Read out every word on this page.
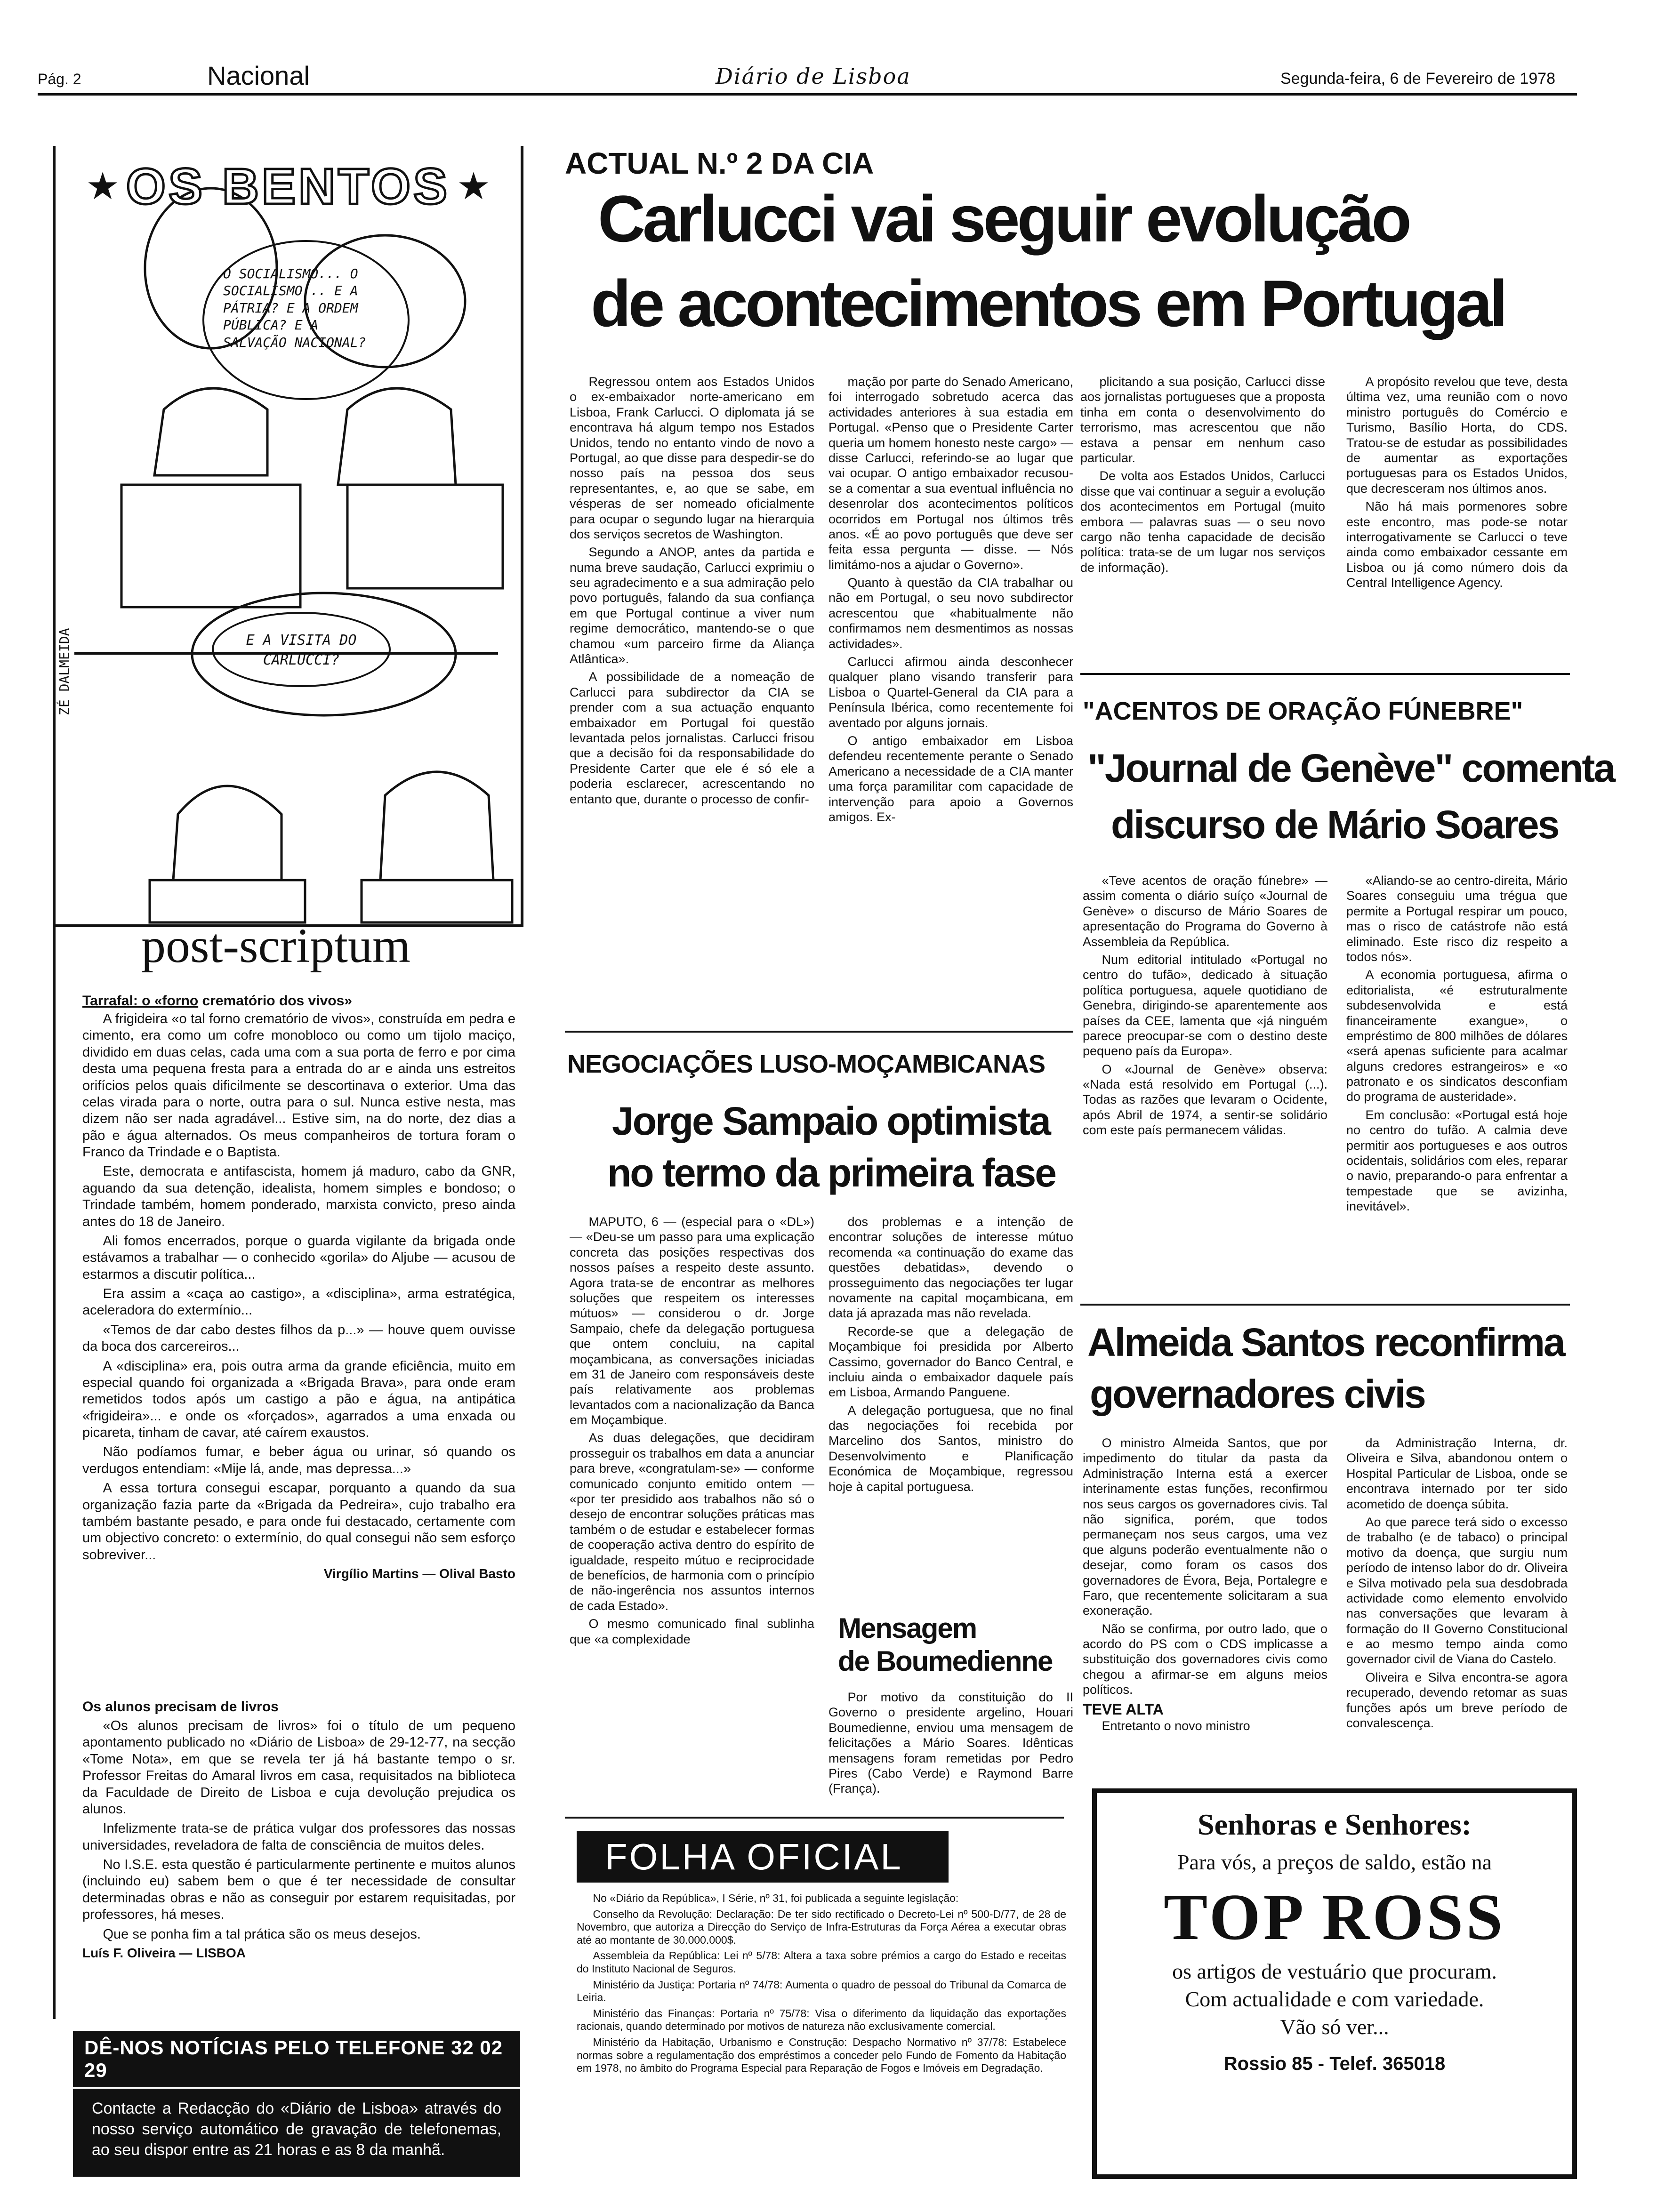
Pág. 2	Nacional	Diário de Lisboa	Segunda-feira, 6 de Fevereiro de 1978
★ OS BENTOS ★
O SOCIALISMO... O SOCIALISMO... E A PÁTRIA? E A ORDEM PÚBLICA? E A SALVAÇÃO NACIONAL?
E A VISITA DO CARLUCCI?
ZÉ DALMEIDA
post-scriptum
Tarrafal: o «forno crematório dos vivos»

A frigideira «o tal forno crematório de vivos», construída em pedra e cimento, era como um cofre monobloco ou como um tijolo maciço, dividido em duas celas, cada uma com a sua porta de ferro e por cima desta uma pequena fresta para a entrada do ar e ainda uns estreitos orifícios pelos quais dificilmente se descortinava o exterior. Uma das celas virada para o norte, outra para o sul. Nunca estive nesta, mas dizem não ser nada agradável... Estive sim, na do norte, dez dias a pão e água alternados. Os meus companheiros de tortura foram o Franco da Trindade e o Baptista.

Este, democrata e antifascista, homem já maduro, cabo da GNR, aguando da sua detenção, idealista, homem simples e bondoso; o Trindade também, homem ponderado, marxista convicto, preso ainda antes do 18 de Janeiro.

Ali fomos encerrados, porque o guarda vigilante da brigada onde estávamos a trabalhar — o conhecido «gorila» do Aljube — acusou de estarmos a discutir política...

Era assim a «caça ao castigo», a «disciplina», arma estratégica, aceleradora do extermínio...

«Temos de dar cabo destes filhos da p...» — houve quem ouvisse da boca dos carcereiros...

A «disciplina» era, pois outra arma da grande eficiência, muito em especial quando foi organizada a «Brigada Brava», para onde eram remetidos todos após um castigo a pão e água, na antipática «frigideira»... e onde os «forçados», agarrados a uma enxada ou picareta, tinham de cavar, até caírem exaustos.

Não podíamos fumar, e beber água ou urinar, só quando os verdugos entendiam: «Mije lá, ande, mas depressa...»

A essa tortura consegui escapar, porquanto a quando da sua organização fazia parte da «Brigada da Pedreira», cujo trabalho era também bastante pesado, e para onde fui destacado, certamente com um objectivo concreto: o extermínio, do qual consegui não sem esforço sobreviver...

Virgílio Martins — Olival Basto
Os alunos precisam de livros

«Os alunos precisam de livros» foi o título de um pequeno apontamento publicado no «Diário de Lisboa» de 29-12-77, na secção «Tome Nota», em que se revela ter já há bastante tempo o sr. Professor Freitas do Amaral livros em casa, requisitados na biblioteca da Faculdade de Direito de Lisboa e cuja devolução prejudica os alunos.

Infelizmente trata-se de prática vulgar dos professores das nossas universidades, reveladora de falta de consciência de muitos deles.

No I.S.E. esta questão é particularmente pertinente e muitos alunos (incluindo eu) sabem bem o que é ter necessidade de consultar determinadas obras e não as conseguir por estarem requisitadas, por professores, há meses.

Que se ponha fim a tal prática são os meus desejos.

Luís F. Oliveira — LISBOA
DÊ-NOS NOTÍCIAS PELO TELEFONE 32 02 29
Contacte a Redacção do «Diário de Lisboa» através do nosso serviço automático de gravação de telefonemas, ao seu dispor entre as 21 horas e as 8 da manhã.
ACTUAL N.º 2 DA CIA
Carlucci vai seguir evolução
de acontecimentos em Portugal

Regressou ontem aos Estados Unidos o ex-embaixador norte-americano em Lisboa, Frank Carlucci. O diplomata já se encontrava há algum tempo nos Estados Unidos, tendo no entanto vindo de novo a Portugal, ao que disse para despedir-se do nosso país na pessoa dos seus representantes, e, ao que se sabe, em vésperas de ser nomeado oficialmente para ocupar o segundo lugar na hierarquia dos serviços secretos de Washington.

Segundo a ANOP, antes da partida e numa breve saudação, Carlucci exprimiu o seu agradecimento e a sua admiração pelo povo português, falando da sua confiança em que Portugal continue a viver num regime democrático, mantendo-se o que chamou «um parceiro firme da Aliança Atlântica».

A possibilidade de a nomeação de Carlucci para subdirector da CIA se prender com a sua actuação enquanto embaixador em Portugal foi questão levantada pelos jornalistas. Carlucci frisou que a decisão foi da responsabilidade do Presidente Carter que ele é só ele a poderia esclarecer, acrescentando no entanto que, durante o processo de confir-

mação por parte do Senado Americano, foi interrogado sobretudo acerca das actividades anteriores à sua estadia em Portugal. «Penso que o Presidente Carter queria um homem honesto neste cargo» — disse Carlucci, referindo-se ao lugar que vai ocupar. O antigo embaixador recusou-se a comentar a sua eventual influência no desenrolar dos acontecimentos políticos ocorridos em Portugal nos últimos três anos. «É ao povo português que deve ser feita essa pergunta — disse. — Nós limitámo-nos a ajudar o Governo».

Quanto à questão da CIA trabalhar ou não em Portugal, o seu novo subdirector acrescentou que «habitualmente não confirmamos nem desmentimos as nossas actividades».

Carlucci afirmou ainda desconhecer qualquer plano visando transferir para Lisboa o Quartel-General da CIA para a Península Ibérica, como recentemente foi aventado por alguns jornais.

O antigo embaixador em Lisboa defendeu recentemente perante o Senado Americano a necessidade de a CIA manter uma força paramilitar com capacidade de intervenção para apoio a Governos amigos. Ex-

plicitando a sua posição, Carlucci disse aos jornalistas portugueses que a proposta tinha em conta o desenvolvimento do terrorismo, mas acrescentou que não estava a pensar em nenhum caso particular.

De volta aos Estados Unidos, Carlucci disse que vai continuar a seguir a evolução dos acontecimentos em Portugal (muito embora — palavras suas — o seu novo cargo não tenha capacidade de decisão política: trata-se de um lugar nos serviços de informação).

A propósito revelou que teve, desta última vez, uma reunião com o novo ministro português do Comércio e Turismo, Basílio Horta, do CDS. Tratou-se de estudar as possibilidades de aumentar as exportações portuguesas para os Estados Unidos, que decresceram nos últimos anos.

Não há mais pormenores sobre este encontro, mas pode-se notar interrogativamente se Carlucci o teve ainda como embaixador cessante em Lisboa ou já como número dois da Central Intelligence Agency.

"ACENTOS DE ORAÇÃO FÚNEBRE"
"Journal de Genève" comenta
discurso de Mário Soares

«Teve acentos de oração fúnebre» — assim comenta o diário suíço «Journal de Genève» o discurso de Mário Soares de apresentação do Programa do Governo à Assembleia da República.

Num editorial intitulado «Portugal no centro do tufão», dedicado à situação política portuguesa, aquele quotidiano de Genebra, dirigindo-se aparentemente aos países da CEE, lamenta que «já ninguém parece preocupar-se com o destino deste pequeno país da Europa».

O «Journal de Genève» observa: «Nada está resolvido em Portugal (...). Todas as razões que levaram o Ocidente, após Abril de 1974, a sentir-se solidário com este país permanecem válidas.

«Aliando-se ao centro-direita, Mário Soares conseguiu uma trégua que permite a Portugal respirar um pouco, mas o risco de catástrofe não está eliminado. Este risco diz respeito a todos nós».

A economia portuguesa, afirma o editorialista, «é estruturalmente subdesenvolvida e está financeiramente exangue», o empréstimo de 800 milhões de dólares «será apenas suficiente para acalmar alguns credores estrangeiros» e «o patronato e os sindicatos desconfiam do programa de austeridade».

Em conclusão: «Portugal está hoje no centro do tufão. A calmia deve permitir aos portugueses e aos outros ocidentais, solidários com eles, reparar o navio, preparando-o para enfrentar a tempestade que se avizinha, inevitável».

NEGOCIAÇÕES LUSO-MOÇAMBICANAS
Jorge Sampaio optimista
no termo da primeira fase

MAPUTO, 6 — (especial para o «DL») — «Deu-se um passo para uma explicação concreta das posições respectivas dos nossos países a respeito deste assunto. Agora trata-se de encontrar as melhores soluções que respeitem os interesses mútuos» — considerou o dr. Jorge Sampaio, chefe da delegação portuguesa que ontem concluiu, na capital moçambicana, as conversações iniciadas em 31 de Janeiro com responsáveis deste país relativamente aos problemas levantados com a nacionalização da Banca em Moçambique.

As duas delegações, que decidiram prosseguir os trabalhos em data a anunciar para breve, «congratulam-se» — conforme comunicado conjunto emitido ontem — «por ter presidido aos trabalhos não só o desejo de encontrar soluções práticas mas também o de estudar e estabelecer formas de cooperação activa dentro do espírito de igualdade, respeito mútuo e reciprocidade de benefícios, de harmonia com o princípio de não-ingerência nos assuntos internos de cada Estado».

O mesmo comunicado final sublinha que «a complexidade

dos problemas e a intenção de encontrar soluções de interesse mútuo recomenda «a continuação do exame das questões debatidas», devendo o prosseguimento das negociações ter lugar novamente na capital moçambicana, em data já aprazada mas não revelada.

Recorde-se que a delegação de Moçambique foi presidida por Alberto Cassimo, governador do Banco Central, e incluiu ainda o embaixador daquele país em Lisboa, Armando Panguene.

A delegação portuguesa, que no final das negociações foi recebida por Marcelino dos Santos, ministro do Desenvolvimento e Planificação Económica de Moçambique, regressou hoje à capital portuguesa.

Mensagem
de Boumedienne

Por motivo da constituição do II Governo o presidente argelino, Houari Boumedienne, enviou uma mensagem de felicitações a Mário Soares. Idênticas mensagens foram remetidas por Pedro Pires (Cabo Verde) e Raymond Barre (França).

Almeida Santos reconfirma
governadores civis

O ministro Almeida Santos, que por impedimento do titular da pasta da Administração Interna está a exercer interinamente estas funções, reconfirmou nos seus cargos os governadores civis. Tal não significa, porém, que todos permaneçam nos seus cargos, uma vez que alguns poderão eventualmente não o desejar, como foram os casos dos governadores de Évora, Beja, Portalegre e Faro, que recentemente solicitaram a sua exoneração.

Não se confirma, por outro lado, que o acordo do PS com o CDS implicasse a substituição dos governadores civis como chegou a afirmar-se em alguns meios políticos.

TEVE ALTA

Entretanto o novo ministro

da Administração Interna, dr. Oliveira e Silva, abandonou ontem o Hospital Particular de Lisboa, onde se encontrava internado por ter sido acometido de doença súbita.

Ao que parece terá sido o excesso de trabalho (e de tabaco) o principal motivo da doença, que surgiu num período de intenso labor do dr. Oliveira e Silva motivado pela sua desdobrada actividade como elemento envolvido nas conversações que levaram à formação do II Governo Constitucional e ao mesmo tempo ainda como governador civil de Viana do Castelo.

Oliveira e Silva encontra-se agora recuperado, devendo retomar as suas funções após um breve período de convalescença.

FOLHA OFICIAL

No «Diário da República», I Série, nº 31, foi publicada a seguinte legislação:

Conselho da Revolução: Declaração: De ter sido rectificado o Decreto-Lei nº 500-D/77, de 28 de Novembro, que autoriza a Direcção do Serviço de Infra-Estruturas da Força Aérea a executar obras até ao montante de 30.000.000$.

Assembleia da República: Lei nº 5/78: Altera a taxa sobre prémios a cargo do Estado e receitas do Instituto Nacional de Seguros.

Ministério da Justiça: Portaria nº 74/78: Aumenta o quadro de pessoal do Tribunal da Comarca de Leiria.

Ministério das Finanças: Portaria nº 75/78: Visa o diferimento da liquidação das exportações racionais, quando determinado por motivos de natureza não exclusivamente comercial.

Ministério da Habitação, Urbanismo e Construção: Despacho Normativo nº 37/78: Estabelece normas sobre a regulamentação dos empréstimos a conceder pelo Fundo de Fomento da Habitação em 1978, no âmbito do Programa Especial para Reparação de Fogos e Imóveis em Degradação.

Senhoras e Senhores:
Para vós, a preços de saldo, estão na
TOP ROSS
os artigos de vestuário que procuram.
Com actualidade e com variedade.
Vão só ver...
Rossio 85 - Telef. 365018
